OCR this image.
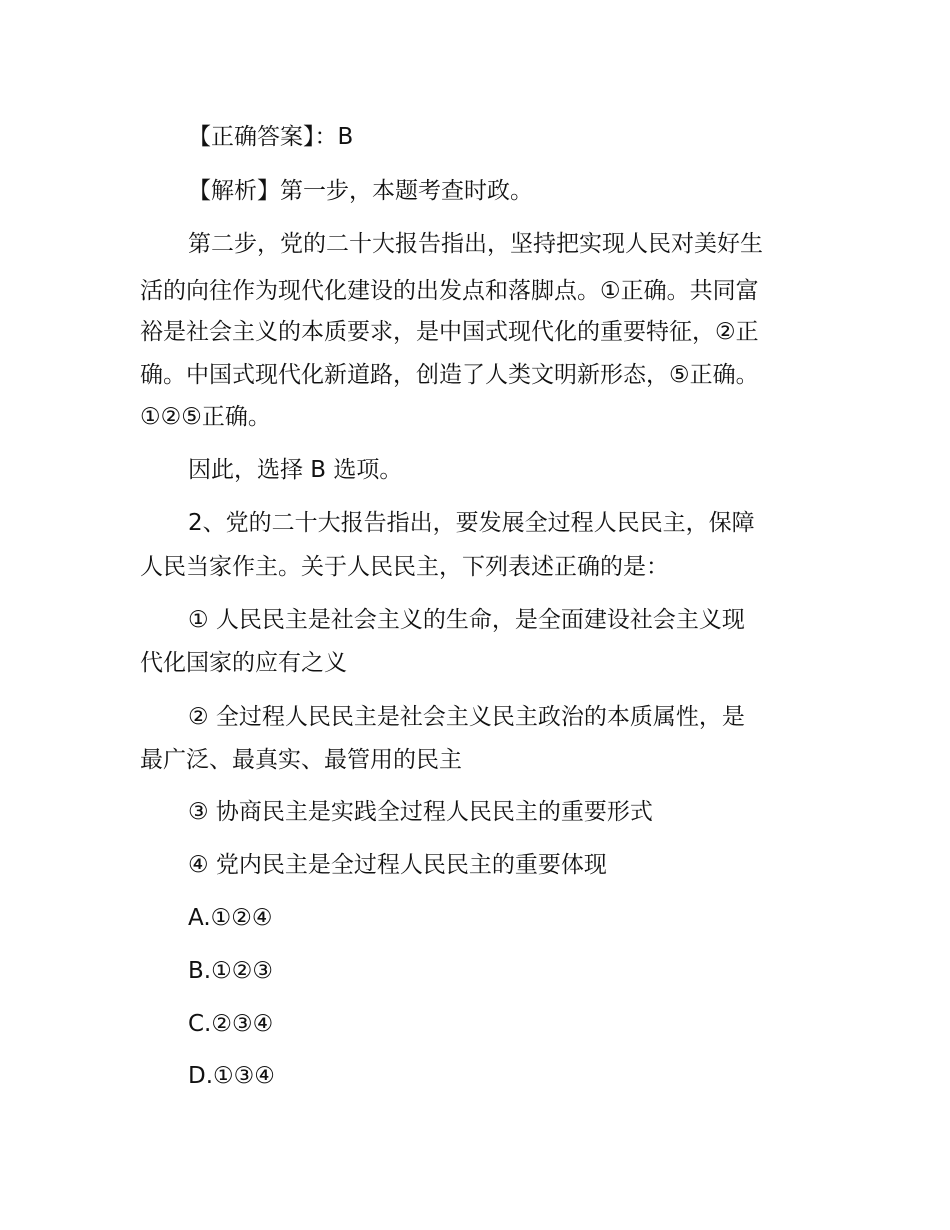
【正确答案】：B
【解析】第一步，本题考查时政。
第二步，党的二十大报告指出，坚持把实现人民对美好生
活的向往作为现代化建设的出发点和落脚点。①正确。共同富
裕是社会主义的本质要求，是中国式现代化的重要特征，②正
确。中国式现代化新道路，创造了人类文明新形态，⑤正确。
①②⑤正确。
因此，选择 B 选项。
2、党的二十大报告指出，要发展全过程人民民主，保障
人民当家作主。关于人民民主，下列表述正确的是：
① 人民民主是社会主义的生命，是全面建设社会主义现
代化国家的应有之义
② 全过程人民民主是社会主义民主政治的本质属性，是
最广泛、最真实、最管用的民主
③ 协商民主是实践全过程人民民主的重要形式
④ 党内民主是全过程人民民主的重要体现
A.①②④
B.①②③
C.②③④
D.①③④
